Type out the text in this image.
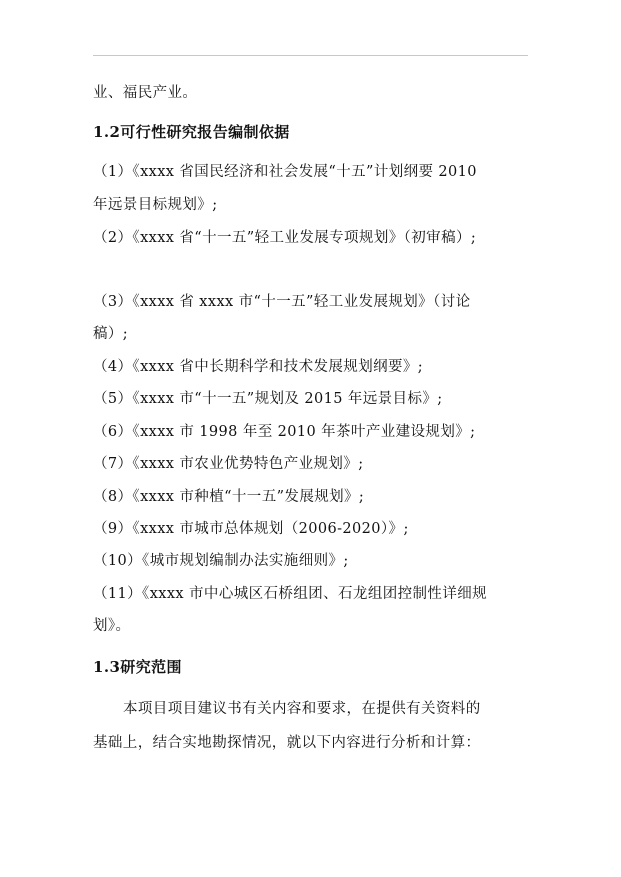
业、福民产业。
1.2可行性研究报告编制依据
（1）《xxxx 省国民经济和社会发展“十五”计划纲要 2010
年远景目标规划》;
（2）《xxxx 省“十一五”轻工业发展专项规划》（初审稿）;
（3）《xxxx 省 xxxx 市“十一五”轻工业发展规划》（讨论
稿）;
（4）《xxxx 省中长期科学和技术发展规划纲要》;
（5）《xxxx 市“十一五”规划及 2015 年远景目标》;
（6）《xxxx 市 1998 年至 2010 年茶叶产业建设规划》;
（7）《xxxx 市农业优势特色产业规划》;
（8）《xxxx 市种植“十一五”发展规划》;
（9）《xxxx 市城市总体规划（2006-2020）》;
（10）《城市规划编制办法实施细则》;
（11）《xxxx 市中心城区石桥组团、石龙组团控制性详细规
划》。
1.3研究范围
本项目项目建议书有关内容和要求，在提供有关资料的
基础上，结合实地勘探情况，就以下内容进行分析和计算：
